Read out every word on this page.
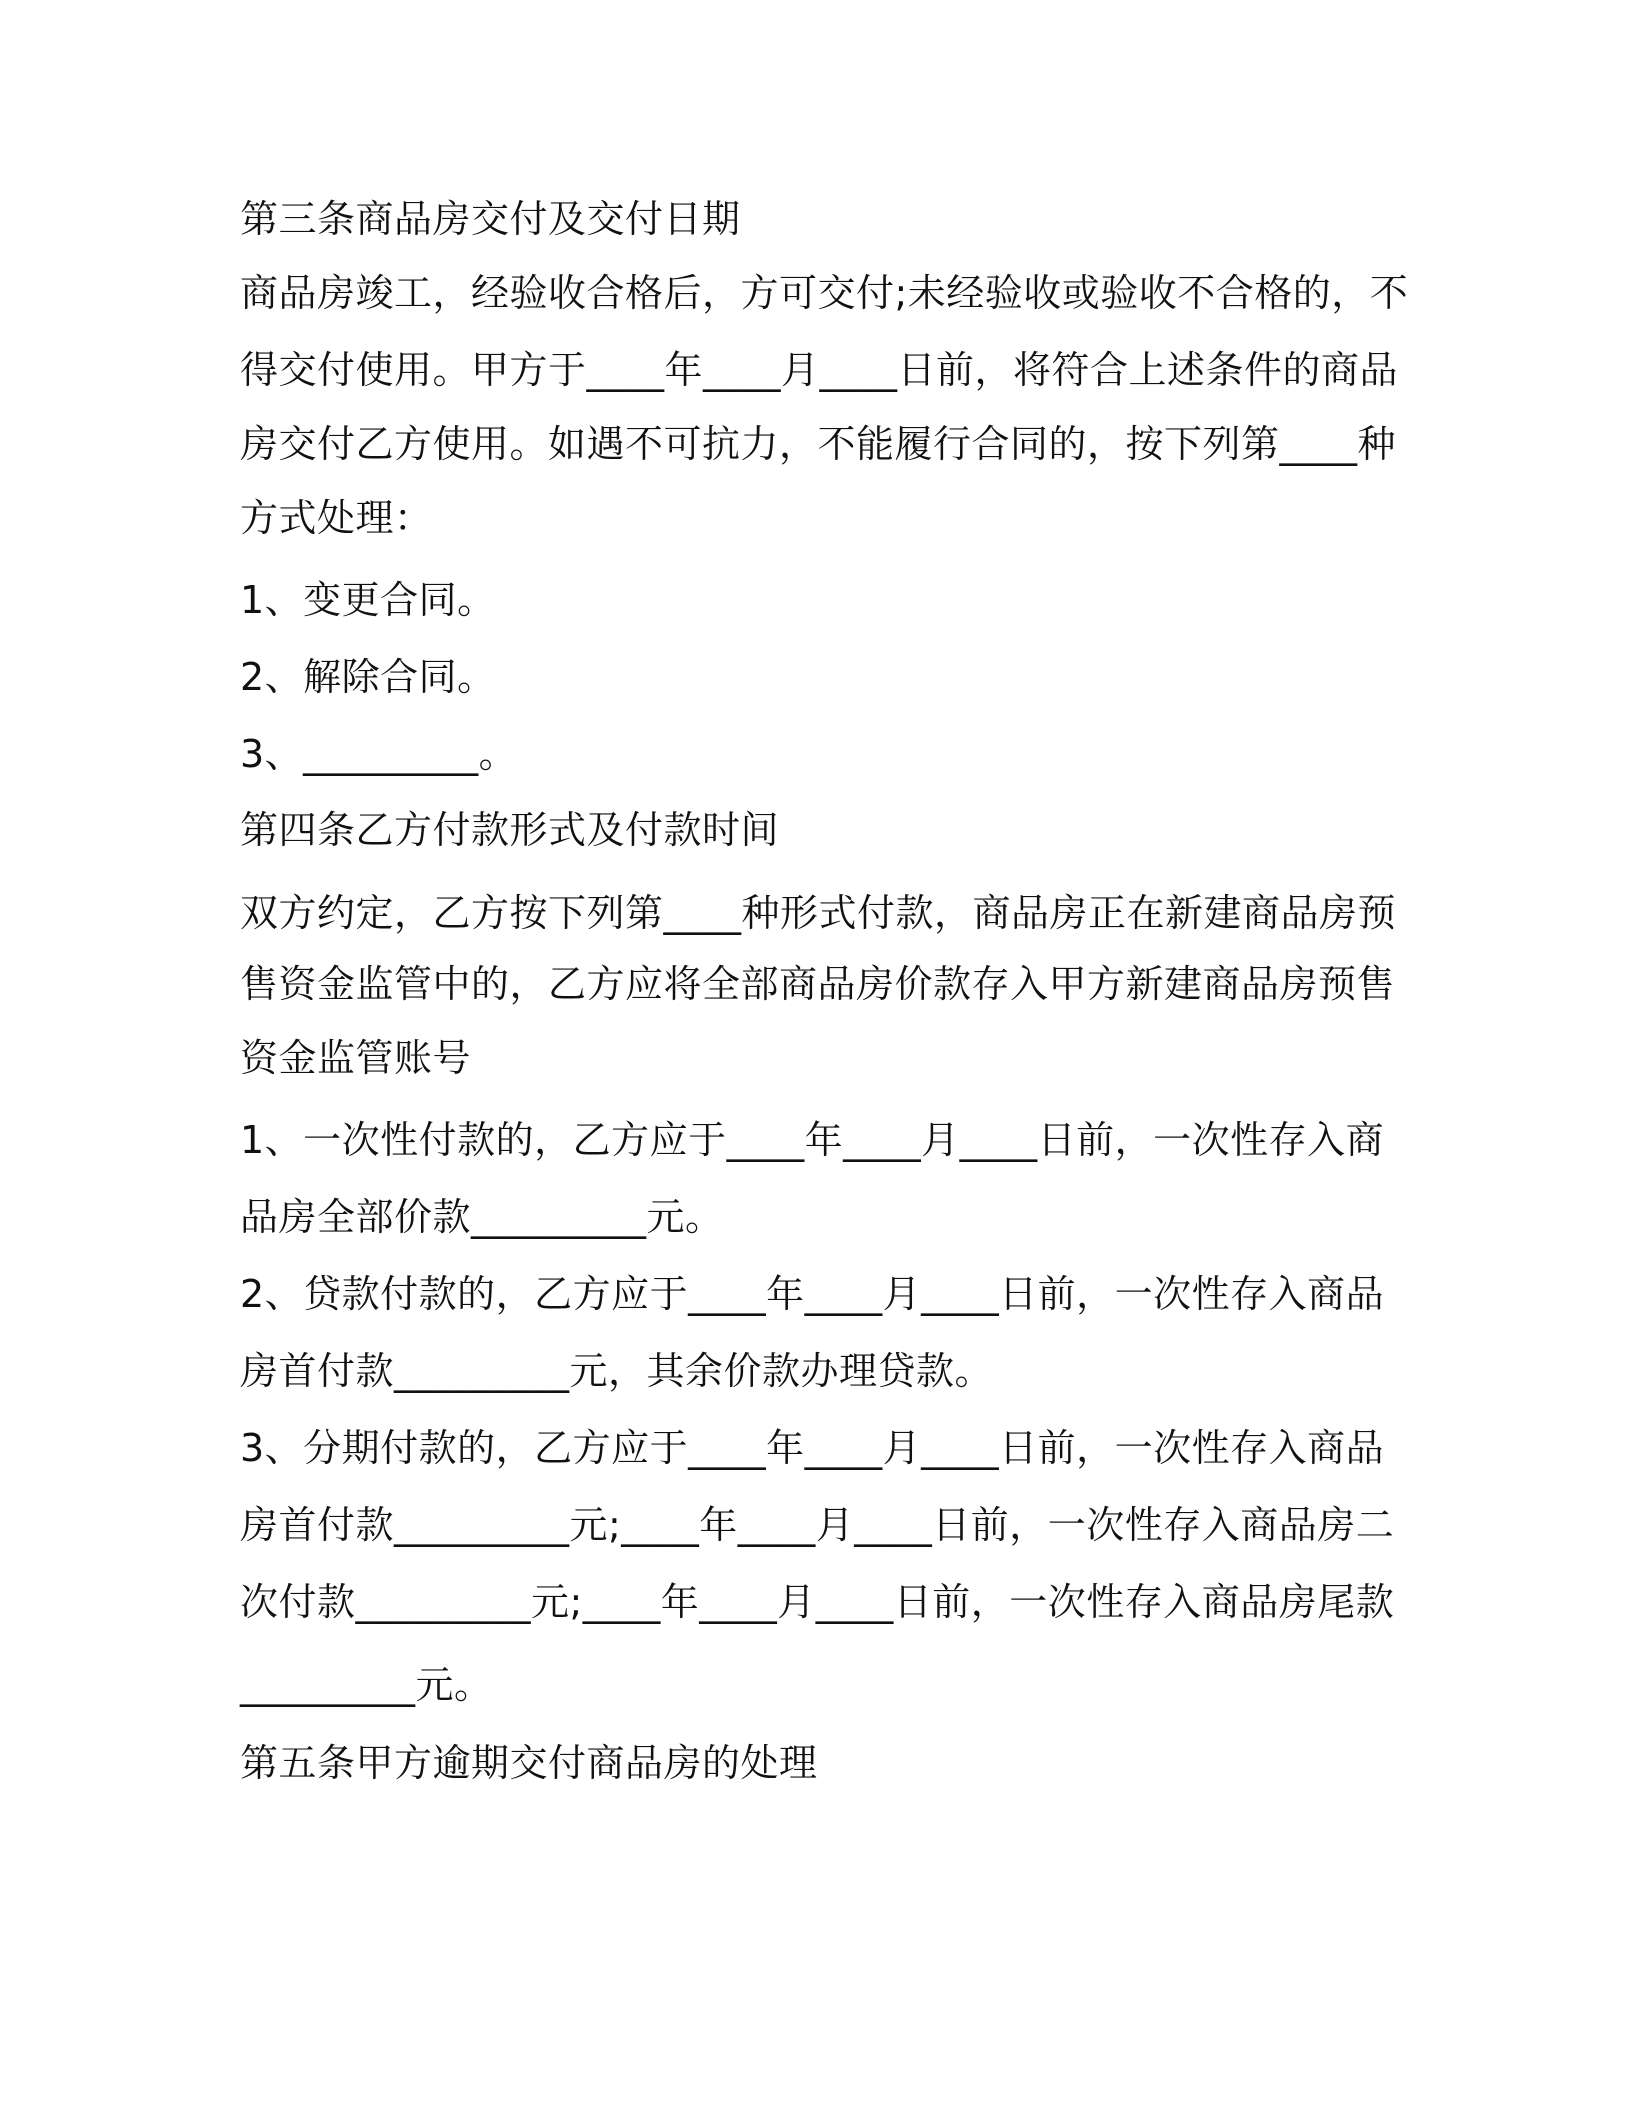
第三条商品房交付及交付日期
商品房竣工，经验收合格后，方可交付;未经验收或验收不合格的，不
得交付使用。甲方于____年____月____日前，将符合上述条件的商品
房交付乙方使用。如遇不可抗力，不能履行合同的，按下列第____种
方式处理：
1、变更合同。
2、解除合同。
3、_________。
第四条乙方付款形式及付款时间
双方约定，乙方按下列第____种形式付款，商品房正在新建商品房预
售资金监管中的，乙方应将全部商品房价款存入甲方新建商品房预售
资金监管账号
1、一次性付款的，乙方应于____年____月____日前，一次性存入商
品房全部价款_________元。
2、贷款付款的，乙方应于____年____月____日前，一次性存入商品
房首付款_________元，其余价款办理贷款。
3、分期付款的，乙方应于____年____月____日前，一次性存入商品
房首付款_________元;____年____月____日前，一次性存入商品房二
次付款_________元;____年____月____日前，一次性存入商品房尾款
_________元。
第五条甲方逾期交付商品房的处理
